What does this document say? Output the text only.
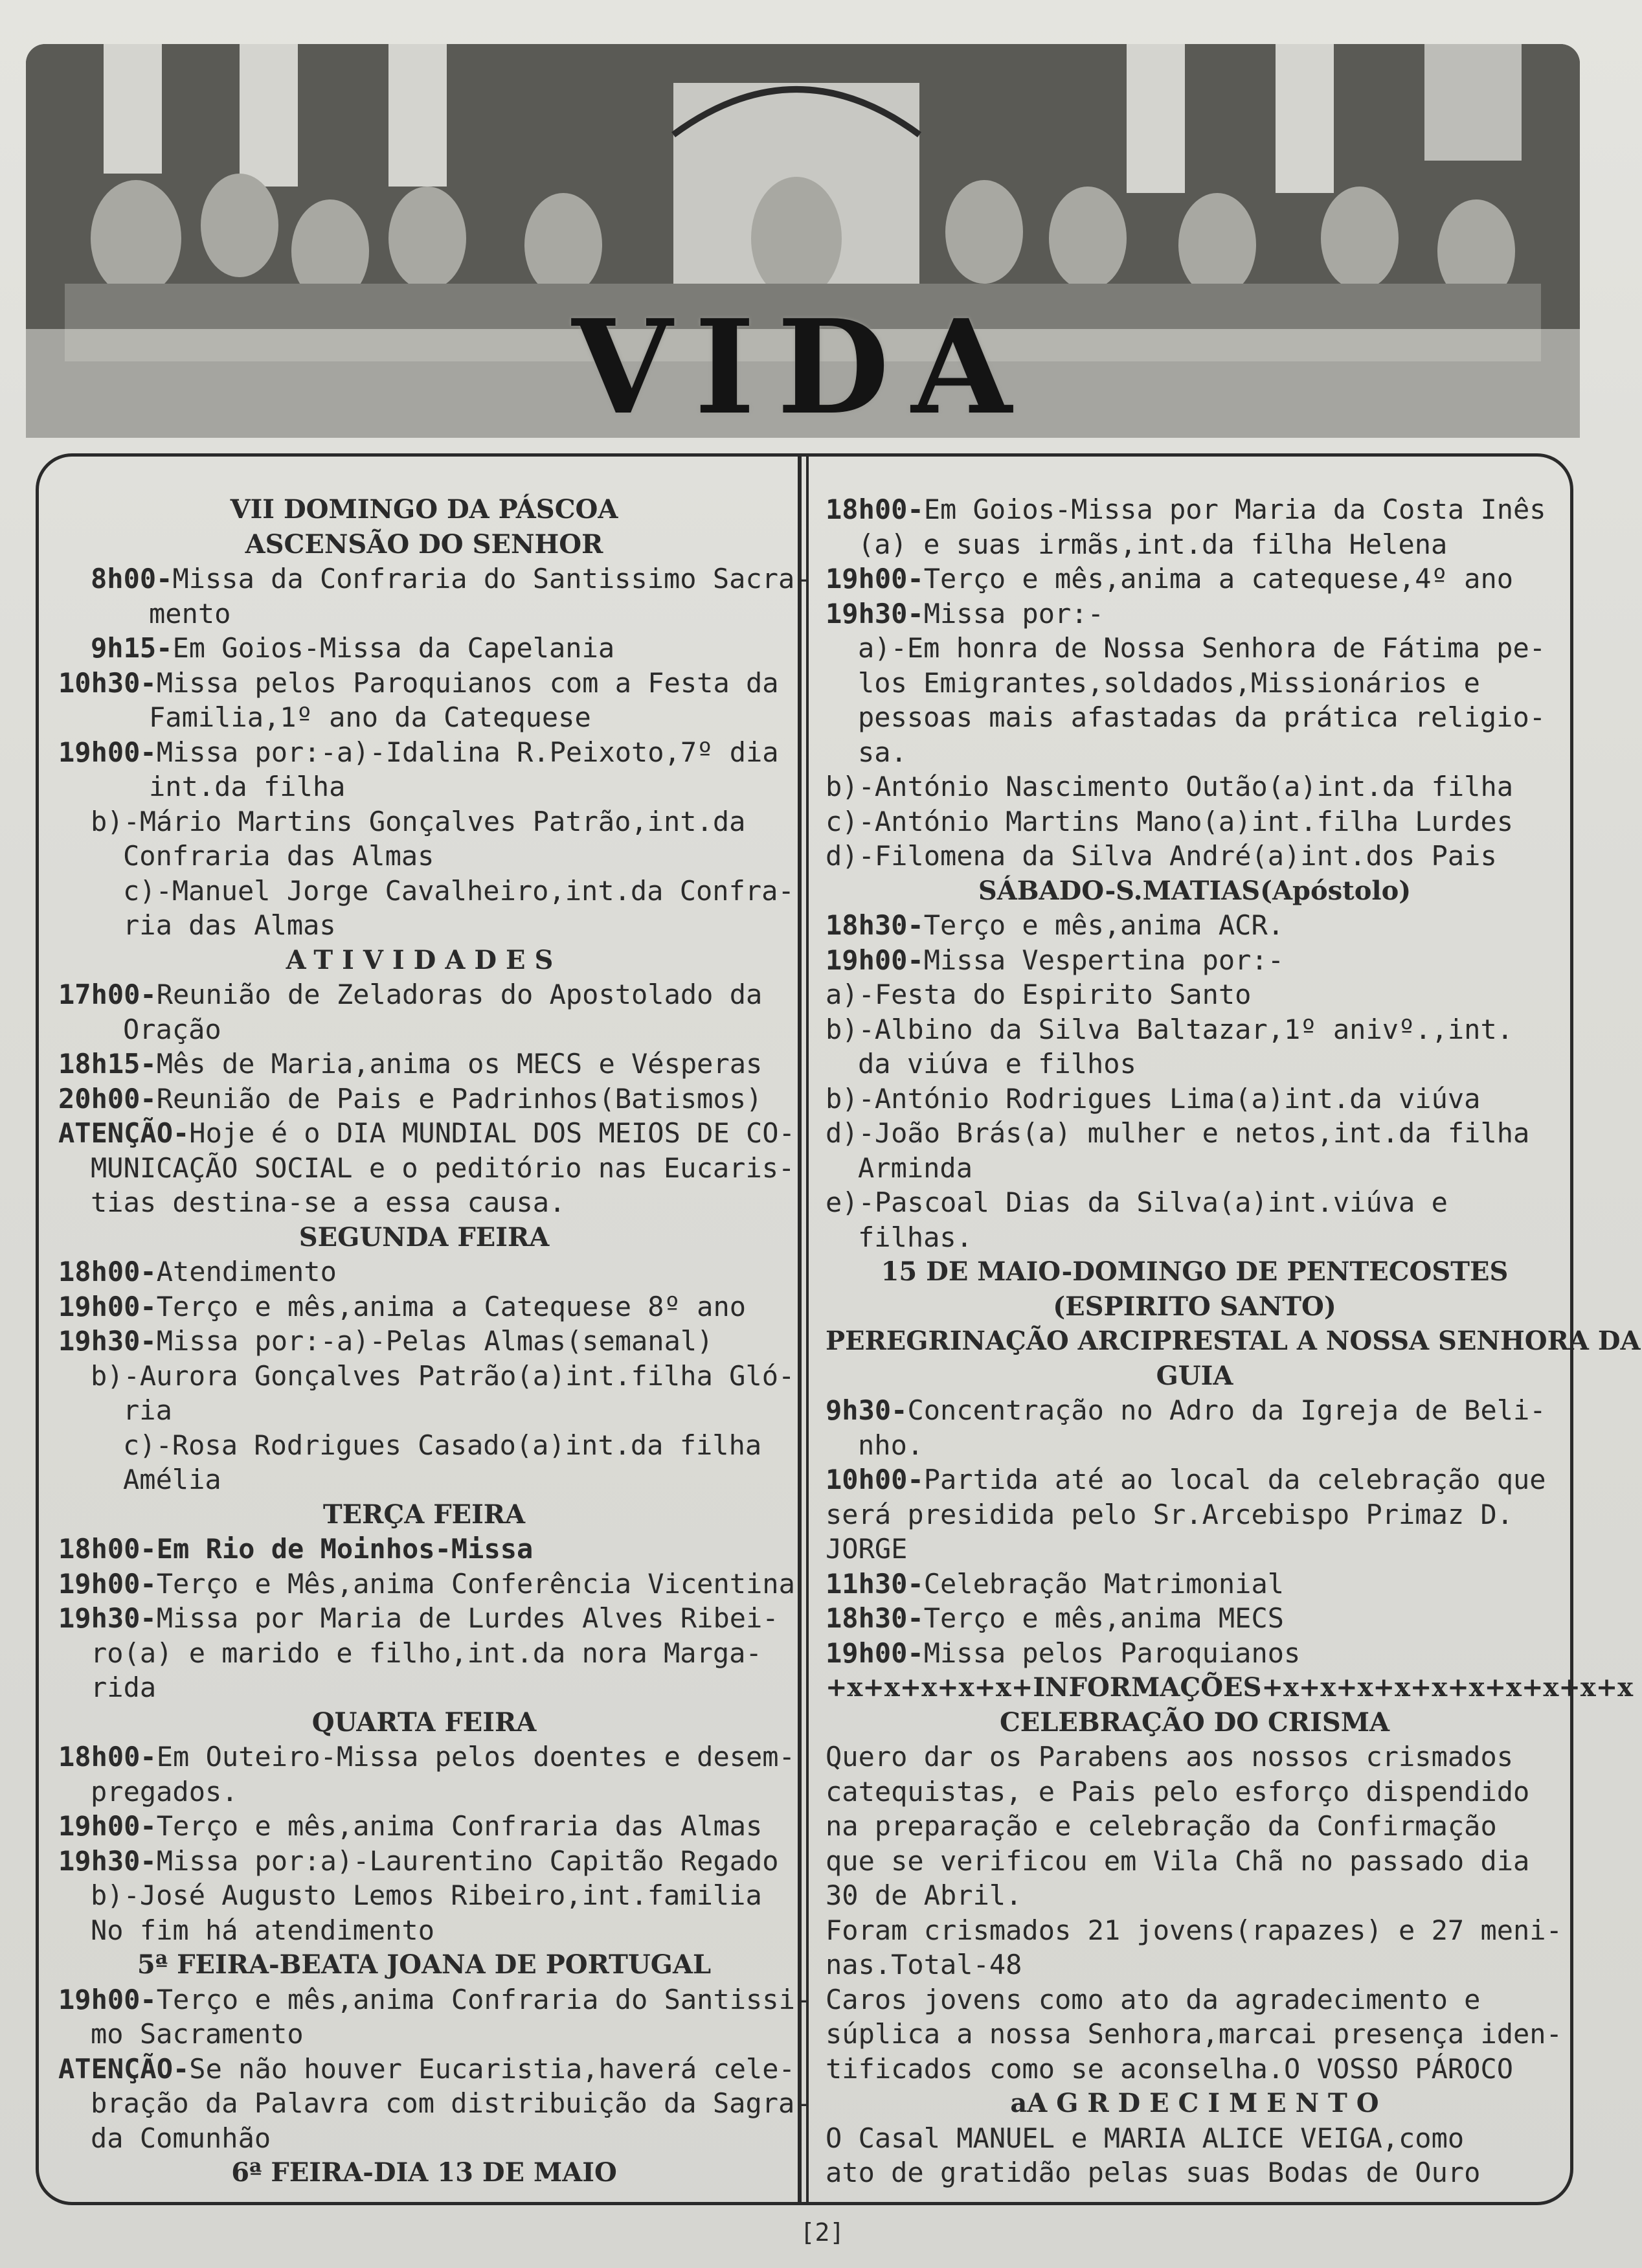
VIDA
VII DOMINGO DA PÁSCOA
ASCENSÃO DO SENHOR
8h00-Missa da Confraria do Santissimo Sacra-
mento
9h15-Em Goios-Missa da Capelania
10h30-Missa pelos Paroquianos com a Festa da
Familia,1º ano da Catequese
19h00-Missa por:-a)-Idalina R.Peixoto,7º dia
int.da filha
b)-Mário Martins Gonçalves Patrão,int.da
Confraria das Almas
c)-Manuel Jorge Cavalheiro,int.da Confra-
ria das Almas
ATIVIDADES
17h00-Reunião de Zeladoras do Apostolado da
Oração
18h15-Mês de Maria,anima os MECS e Vésperas
20h00-Reunião de Pais e Padrinhos(Batismos)
ATENÇÃO-Hoje é o DIA MUNDIAL DOS MEIOS DE CO-
MUNICAÇÃO SOCIAL e o peditório nas Eucaris-
tias destina-se a essa causa.
SEGUNDA FEIRA
18h00-Atendimento
19h00-Terço e mês,anima a Catequese 8º ano
19h30-Missa por:-a)-Pelas Almas(semanal)
b)-Aurora Gonçalves Patrão(a)int.filha Gló-
ria
c)-Rosa Rodrigues Casado(a)int.da filha
Amélia
TERÇA FEIRA
18h00-Em Rio de Moinhos-Missa
19h00-Terço e Mês,anima Conferência Vicentina
19h30-Missa por Maria de Lurdes Alves Ribei-
ro(a) e marido e filho,int.da nora Marga-
rida
QUARTA FEIRA
18h00-Em Outeiro-Missa pelos doentes e desem-
pregados.
19h00-Terço e mês,anima Confraria das Almas
19h30-Missa por:a)-Laurentino Capitão Regado
b)-José Augusto Lemos Ribeiro,int.familia
No fim há atendimento
5ª FEIRA-BEATA JOANA DE PORTUGAL
19h00-Terço e mês,anima Confraria do Santissi-
mo Sacramento
ATENÇÃO-Se não houver Eucaristia,haverá cele-
bração da Palavra com distribuição da Sagra-
da Comunhão
6ª FEIRA-DIA 13 DE MAIO
18h00-Em Goios-Missa por Maria da Costa Inês
(a) e suas irmãs,int.da filha Helena
19h00-Terço e mês,anima a catequese,4º ano
19h30-Missa por:-
a)-Em honra de Nossa Senhora de Fátima pe-
los Emigrantes,soldados,Missionários e
pessoas mais afastadas da prática religio-
sa.
b)-António Nascimento Outão(a)int.da filha
c)-António Martins Mano(a)int.filha Lurdes
d)-Filomena da Silva André(a)int.dos Pais
SÁBADO-S.MATIAS(Apóstolo)
18h30-Terço e mês,anima ACR.
19h00-Missa Vespertina por:-
a)-Festa do Espirito Santo
b)-Albino da Silva Baltazar,1º anivº.,int.
da viúva e filhos
b)-António Rodrigues Lima(a)int.da viúva
d)-João Brás(a) mulher e netos,int.da filha
Arminda
e)-Pascoal Dias da Silva(a)int.viúva e
filhas.
15 DE MAIO-DOMINGO DE PENTECOSTES
(ESPIRITO SANTO)
PEREGRINAÇÃO ARCIPRESTAL A NOSSA SENHORA DA
GUIA
9h30-Concentração no Adro da Igreja de Beli-
nho.
10h00-Partida até ao local da celebração que
será presidida pelo Sr.Arcebispo Primaz D.
JORGE
11h30-Celebração Matrimonial
18h30-Terço e mês,anima MECS
19h00-Missa pelos Paroquianos
+x+x+x+x+x+INFORMAÇÕES+x+x+x+x+x+x+x+x+x+x
CELEBRAÇÃO DO CRISMA
Quero dar os Parabens aos nossos crismados
catequistas, e Pais pelo esforço dispendido
na preparação e celebração da Confirmação
que se verificou em Vila Chã no passado dia
30 de Abril.
Foram crismados 21 jovens(rapazes) e 27 meni-
nas.Total-48
Caros jovens como ato da agradecimento e
súplica a nossa Senhora,marcai presença iden-
tificados como se aconselha.O VOSSO PÁROCO
aA G R D E C I M E N T O
O Casal MANUEL e MARIA ALICE VEIGA,como
ato de gratidão pelas suas Bodas de Ouro
[2]
